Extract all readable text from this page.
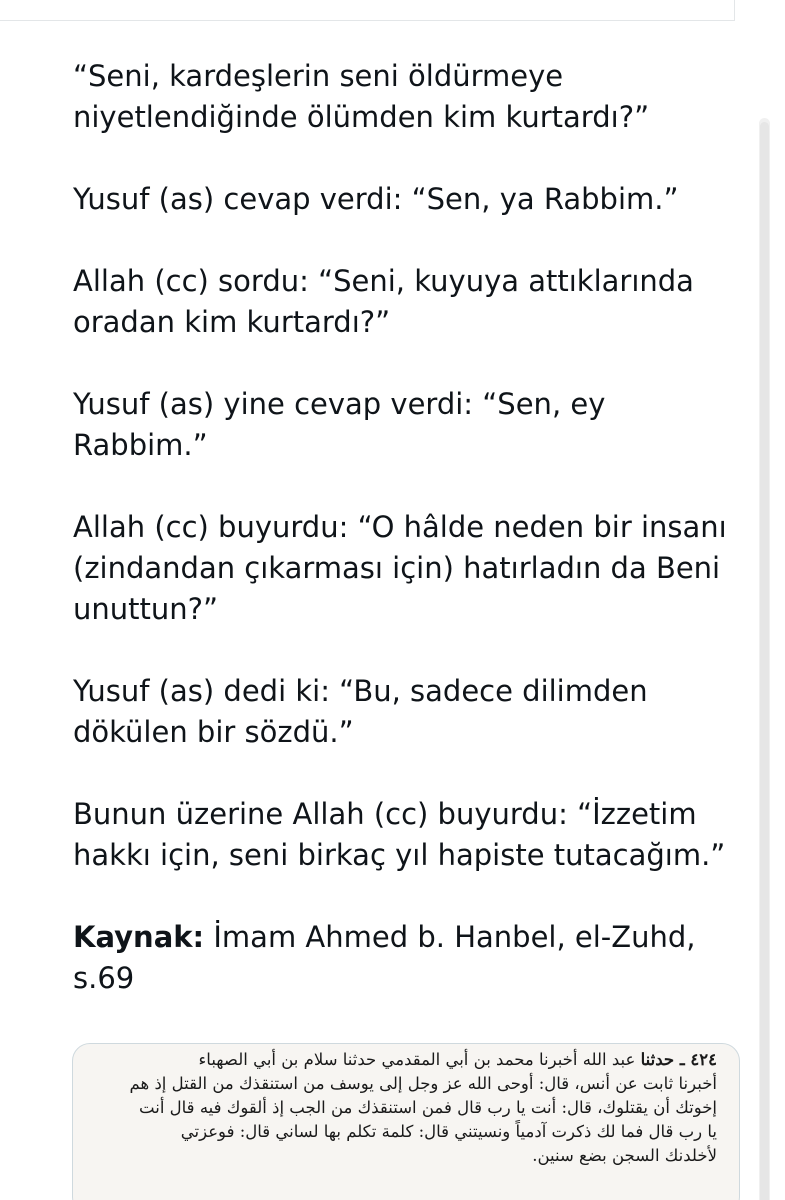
“Seni, kardeşlerin seni öldürmeye niyetlendiğinde ölümden kim kurtardı?”

Yusuf (as) cevap verdi: “Sen, ya Rabbim.”

Allah (cc) sordu: “Seni, kuyuya attıklarında oradan kim kurtardı?”

Yusuf (as) yine cevap verdi: “Sen, ey Rabbim.”

Allah (cc) buyurdu: “O hâlde neden bir insanı (zindandan çıkarması için) hatırladın da Beni unuttun?”

Yusuf (as) dedi ki: “Bu, sadece dilimden dökülen bir sözdü.”

Bunun üzerine Allah (cc) buyurdu: “İzzetim hakkı için, seni birkaç yıl hapiste tutacağım.”

Kaynak: İmam Ahmed b. Hanbel, el-Zuhd, s.69

٤٢٤ ـ حدثنا عبد الله أخبرنا محمد بن أبي المقدمي حدثنا سلام بن أبي الصهباء
أخبرنا ثابت عن أنس، قال: أوحى الله عز وجل إلى يوسف من استنقذك من القتل إذ هم
إخوتك أن يقتلوك، قال: أنت يا رب قال فمن استنقذك من الجب إذ ألقوك فيه قال أنت
يا رب قال فما لك ذكرت آدمياً ونسيتني قال: كلمة تكلم بها لساني قال: فوعزتي
لأخلدنك السجن بضع سنين.
